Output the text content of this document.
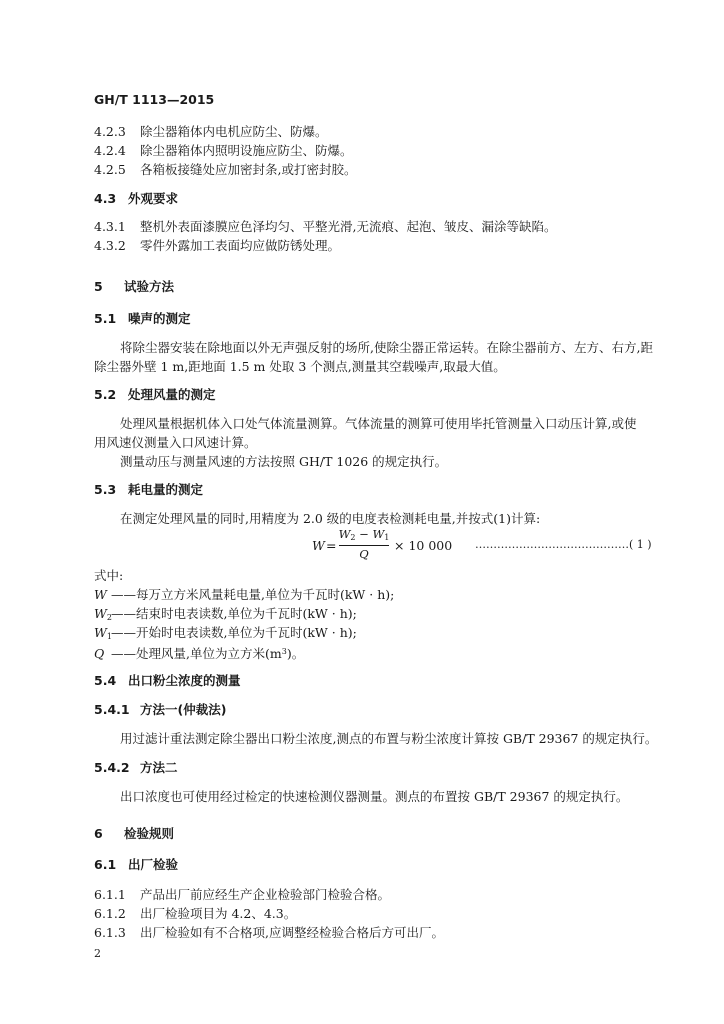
GH/T 1113—2015
4.2.3 除尘器箱体内电机应防尘、防爆。
4.2.4 除尘器箱体内照明设施应防尘、防爆。
4.2.5 各箱板接缝处应加密封条,或打密封胶。
4.3 外观要求
4.3.1 整机外表面漆膜应色泽均匀、平整光滑,无流痕、起泡、皱皮、漏涂等缺陷。
4.3.2 零件外露加工表面均应做防锈处理。
5 试验方法
5.1 噪声的测定
将除尘器安装在除地面以外无声强反射的场所,使除尘器正常运转。在除尘器前方、左方、右方,距
除尘器外壁 1 m,距地面 1.5 m 处取 3 个测点,测量其空载噪声,取最大值。
5.2 处理风量的测定
处理风量根据机体入口处气体流量测算。气体流量的测算可使用毕托管测量入口动压计算,或使
用风速仪测量入口风速计算。
测量动压与测量风速的方法按照 GH/T 1026 的规定执行。
5.3 耗电量的测定
在测定处理风量的同时,用精度为 2.0 级的电度表检测耗电量,并按式(1)计算:
W =
$W_2 - W_1$
Q
× 10 000 ……………………………………( 1 )
式中:
W ——每万立方米风量耗电量,单位为千瓦时(kW · h);
$W_2——$结束时电表读数,单位为千瓦时(kW · h);
$W_1——$开始时电表读数,单位为千瓦时(kW · h);
Q ——处理风量,单位为立方米$(m^3)$。
5.4 出口粉尘浓度的测量
5.4.1 方法一(仲裁法)
用过滤计重法测定除尘器出口粉尘浓度,测点的布置与粉尘浓度计算按 GB/T 29367 的规定执行。
5.4.2 方法二
出口浓度也可使用经过检定的快速检测仪器测量。测点的布置按 GB/T 29367 的规定执行。
6 检验规则
6.1 出厂检验
6.1.1 产品出厂前应经生产企业检验部门检验合格。
6.1.2 出厂检验项目为 4.2、4.3。
6.1.3 出厂检验如有不合格项,应调整经检验合格后方可出厂。
2
